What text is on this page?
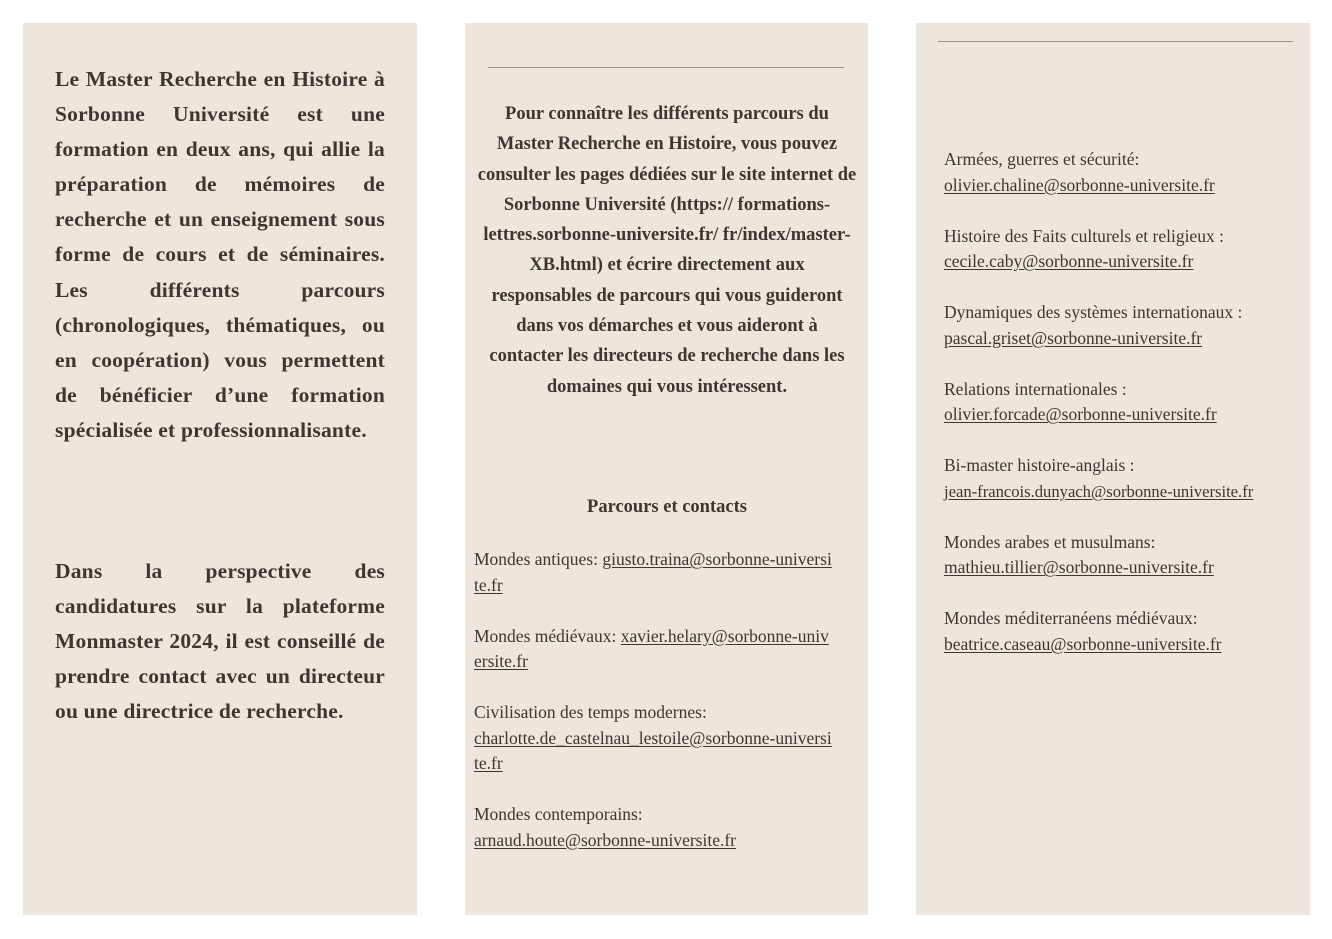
Le Master Recherche en Histoire à Sorbonne Université est une formation en deux ans, qui allie la préparation de mémoires de recherche et un enseignement sous forme de cours et de séminaires. Les différents parcours (chronologiques, thématiques, ou en coopération) vous permettent de bénéficier d’une formation spécialisée et professionnalisante.

Dans la perspective des candidatures sur la plateforme Monmaster 2024, il est conseillé de prendre contact avec un directeur ou une directrice de recherche.

Pour connaître les différents parcours du Master Recherche en Histoire, vous pouvez consulter les pages dédiées sur le site internet de Sorbonne Université (https:// formations-lettres.sorbonne-universite.fr/ fr/index/master-XB.html) et écrire directement aux responsables de parcours qui vous guideront dans vos démarches et vous aideront à contacter les directeurs de recherche dans les domaines qui vous intéressent.

Parcours et contacts

Mondes antiques: giusto.traina@sorbonne-universite.fr
Mondes médiévaux: xavier.helary@sorbonne-universite.fr
Civilisation des temps modernes:
charlotte.de_castelnau_lestoile@sorbonne-universite.fr
Mondes contemporains:
arnaud.houte@sorbonne-universite.fr
Armées, guerres et sécurité:
olivier.chaline@sorbonne-universite.fr
Histoire des Faits culturels et religieux :
cecile.caby@sorbonne-universite.fr
Dynamiques des systèmes internationaux :
pascal.griset@sorbonne-universite.fr
Relations internationales :
olivier.forcade@sorbonne-universite.fr
Bi-master histoire-anglais :
jean-francois.dunyach@sorbonne-universite.fr
Mondes arabes et musulmans:
mathieu.tillier@sorbonne-universite.fr
Mondes méditerranéens médiévaux:
beatrice.caseau@sorbonne-universite.fr
